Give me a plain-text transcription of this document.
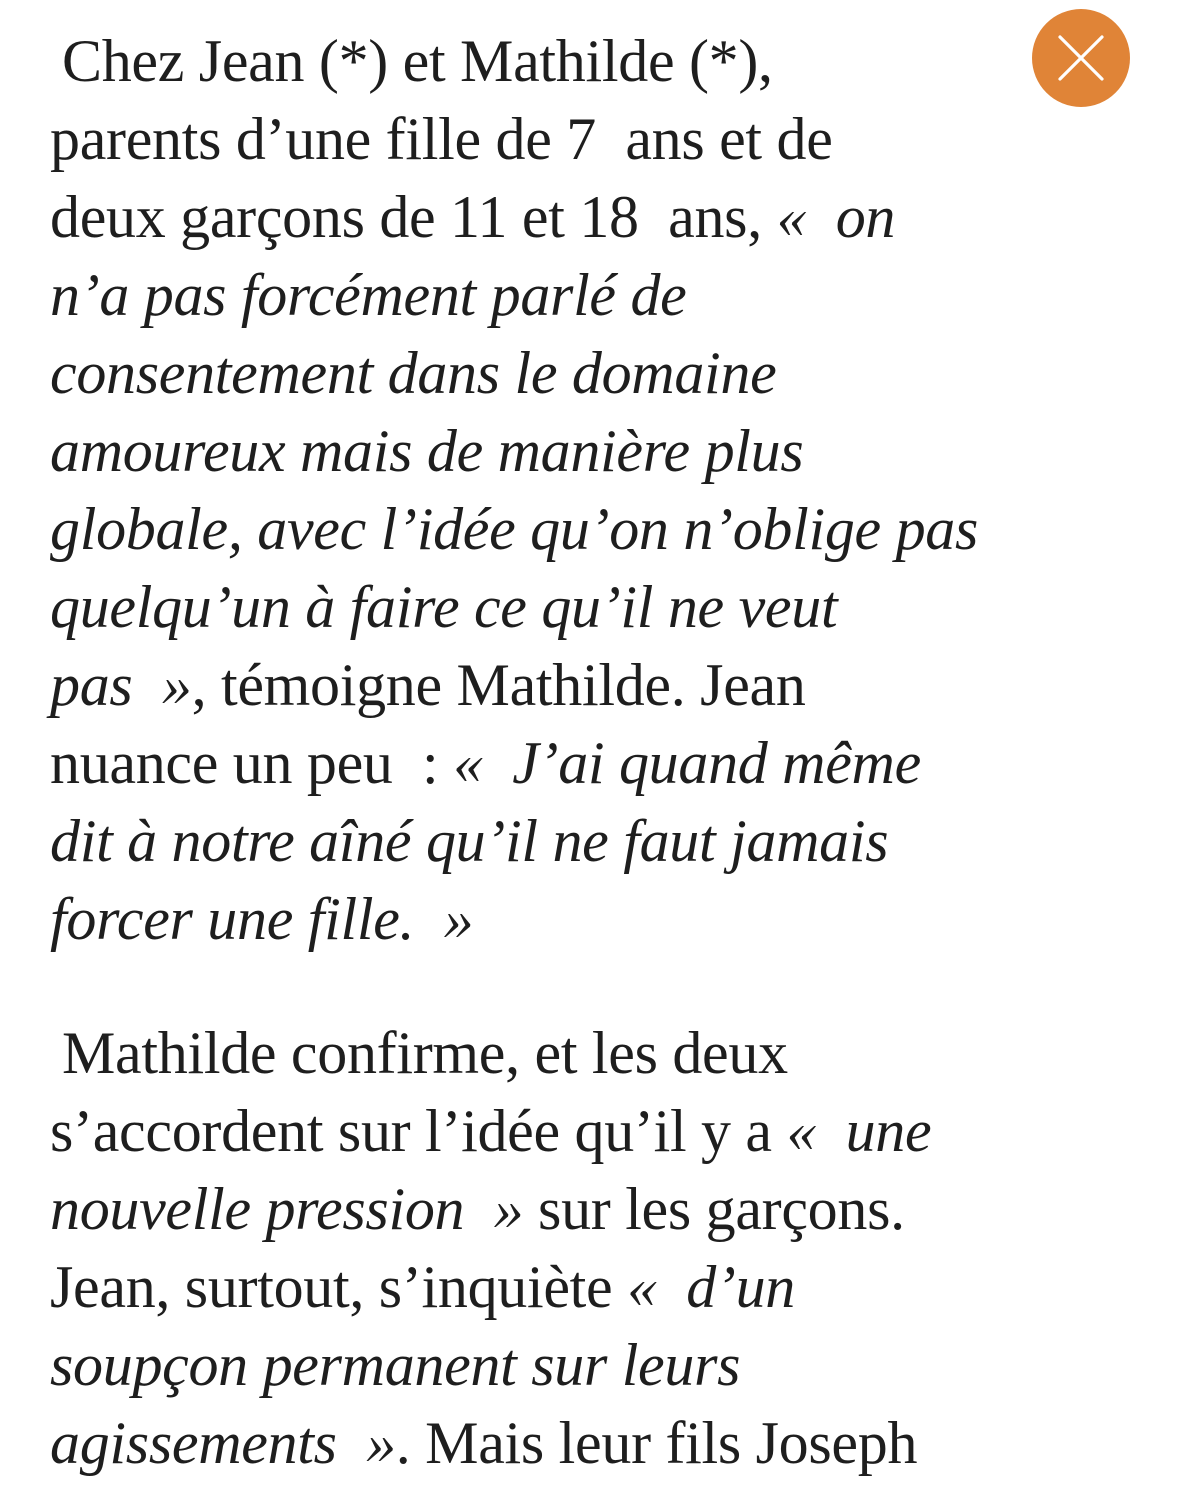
Chez Jean (*) et Mathilde (*),
parents d’une fille de 7  ans et de
deux garçons de 11 et 18  ans, «  on
n’a pas forcément parlé de
consentement dans le domaine
amoureux mais de manière plus
globale, avec l’idée qu’on n’oblige pas
quelqu’un à faire ce qu’il ne veut
pas  », témoigne Mathilde. Jean
nuance un peu  : «  J’ai quand même
dit à notre aîné qu’il ne faut jamais
forcer une fille.  »
Mathilde confirme, et les deux
s’accordent sur l’idée qu’il y a «  une
nouvelle pression  » sur les garçons.
Jean, surtout, s’inquiète «  d’un
soupçon permanent sur leurs
agissements  ». Mais leur fils Joseph
